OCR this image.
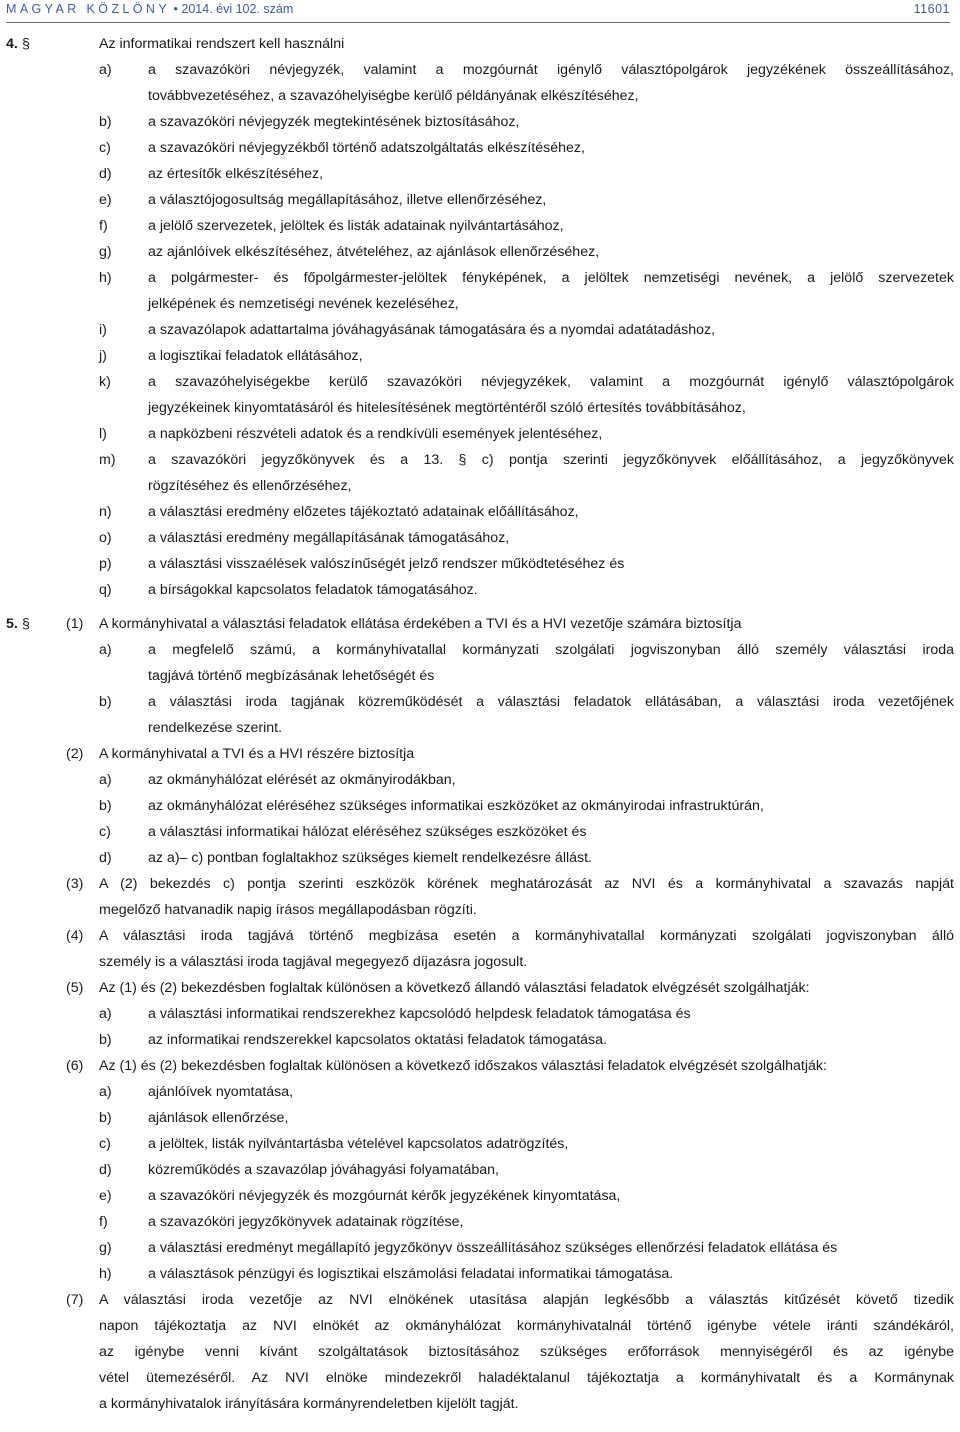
MAGYAR KÖZLÖNY • 2014. évi 102. szám	11601
4. §	Az informatikai rendszert kell használni
a)	a szavazóköri névjegyzék, valamint a mozgóurnát igénylő választópolgárok jegyzékének összeállításához,
továbbvezetéséhez, a szavazóhelyiségbe kerülő példányának elkészítéséhez,
b)	a szavazóköri névjegyzék megtekintésének biztosításához,
c)	a szavazóköri névjegyzékből történő adatszolgáltatás elkészítéséhez,
d)	az értesítők elkészítéséhez,
e)	a választójogosultság megállapításához, illetve ellenőrzéséhez,
f)	a jelölő szervezetek, jelöltek és listák adatainak nyilvántartásához,
g)	az ajánlóívek elkészítéséhez, átvételéhez, az ajánlások ellenőrzéséhez,
h)	a polgármester- és főpolgármester-jelöltek fényképének, a jelöltek nemzetiségi nevének, a jelölő szervezetek
jelképének és nemzetiségi nevének kezeléséhez,
i)	a szavazólapok adattartalma jóváhagyásának támogatására és a nyomdai adatátadáshoz,
j)	a logisztikai feladatok ellátásához,
k)	a szavazóhelyiségekbe kerülő szavazóköri névjegyzékek, valamint a mozgóurnát igénylő választópolgárok
jegyzékeinek kinyomtatásáról és hitelesítésének megtörténtéről szóló értesítés továbbításához,
l)	a napközbeni részvételi adatok és a rendkívüli események jelentéséhez,
m) a szavazóköri jegyzőkönyvek és a 13. § c) pontja szerinti jegyzőkönyvek előállításához, a jegyzőkönyvek
rögzítéséhez és ellenőrzéséhez,
n)	a választási eredmény előzetes tájékoztató adatainak előállításához,
o)	a választási eredmény megállapításának támogatásához,
p)	a választási visszaélések valószínűségét jelző rendszer működtetéséhez és
q)	a bírságokkal kapcsolatos feladatok támogatásához.
5. §	(1) A kormányhivatal a választási feladatok ellátása érdekében a TVI és a HVI vezetője számára biztosítja
a)	a megfelelő számú, a kormányhivatallal kormányzati szolgálati jogviszonyban álló személy választási iroda
tagjává történő megbízásának lehetőségét és
b)	a választási iroda tagjának közreműködését a választási feladatok ellátásában, a választási iroda vezetőjének
rendelkezése szerint.
(2) A kormányhivatal a TVI és a HVI részére biztosítja
a)	az okmányhálózat elérését az okmányirodákban,
b)	az okmányhálózat eléréséhez szükséges informatikai eszközöket az okmányirodai infrastruktúrán,
c)	a választási informatikai hálózat eléréséhez szükséges eszközöket és
d)	az a)– c) pontban foglaltakhoz szükséges kiemelt rendelkezésre állást.
(3) A (2) bekezdés c) pontja szerinti eszközök körének meghatározását az NVI és a kormányhivatal a szavazás napját
megelőző hatvanadik napig írásos megállapodásban rögzíti.
(4) A választási iroda tagjává történő megbízása esetén a kormányhivatallal kormányzati szolgálati jogviszonyban álló
személy is a választási iroda tagjával megegyező díjazásra jogosult.
(5) Az (1) és (2) bekezdésben foglaltak különösen a következő állandó választási feladatok elvégzését szolgálhatják:
a)	a választási informatikai rendszerekhez kapcsolódó helpdesk feladatok támogatása és
b)	az informatikai rendszerekkel kapcsolatos oktatási feladatok támogatása.
(6) Az (1) és (2) bekezdésben foglaltak különösen a következő időszakos választási feladatok elvégzését szolgálhatják:
a)	ajánlóívek nyomtatása,
b)	ajánlások ellenőrzése,
c)	a jelöltek, listák nyilvántartásba vételével kapcsolatos adatrögzítés,
d)	közreműködés a szavazólap jóváhagyási folyamatában,
e)	a szavazóköri névjegyzék és mozgóurnát kérők jegyzékének kinyomtatása,
f)	a szavazóköri jegyzőkönyvek adatainak rögzítése,
g)	a választási eredményt megállapító jegyzőkönyv összeállításához szükséges ellenőrzési feladatok ellátása és
h)	a választások pénzügyi és logisztikai elszámolási feladatai informatikai támogatása.
(7) A választási iroda vezetője az NVI elnökének utasítása alapján legkésőbb a választás kitűzését követő tizedik
napon tájékoztatja az NVI elnökét az okmányhálózat kormányhivatalnál történő igénybe vétele iránti szándékáról,
az igénybe venni kívánt szolgáltatások biztosításához szükséges erőforrások mennyiségéről és az igénybe
vétel ütemezéséről. Az NVI elnöke mindezekről haladéktalanul tájékoztatja a kormányhivatalt és a Kormánynak
a kormányhivatalok irányítására kormányrendeletben kijelölt tagját.
